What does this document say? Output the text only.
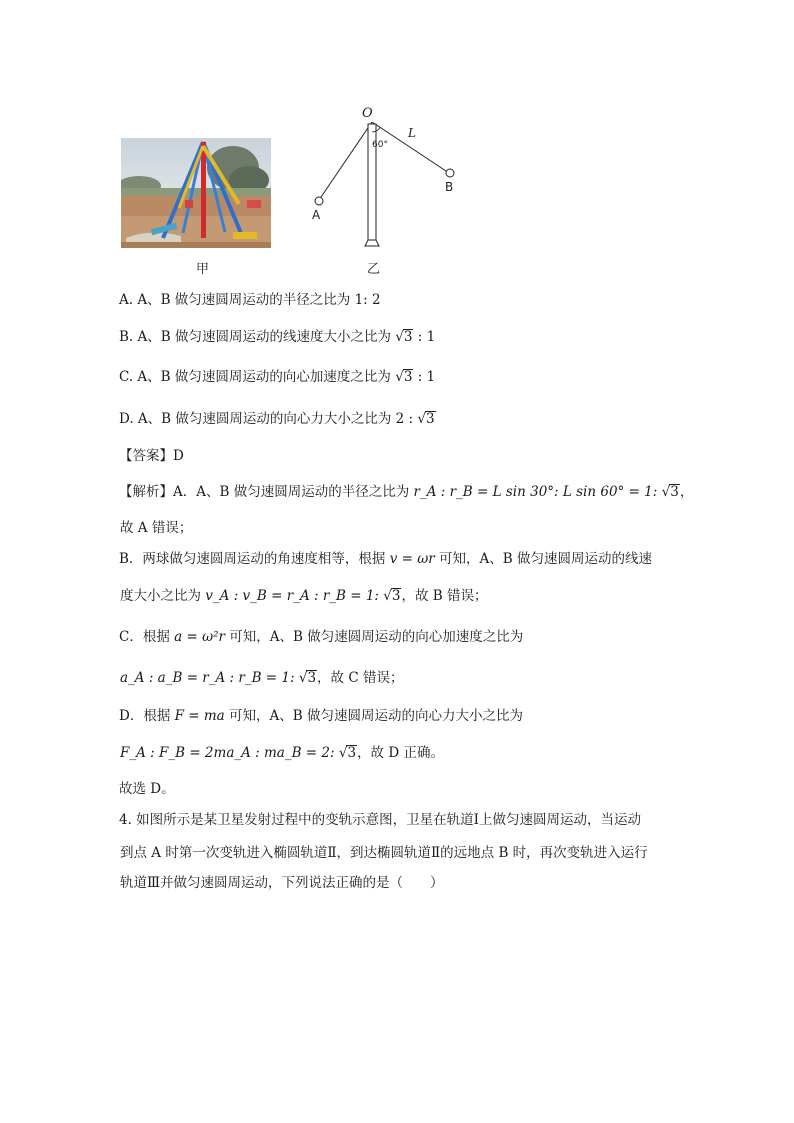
甲
O
L
60°
A
B
乙
A. A、B 做匀速圆周运动的半径之比为 1: 2
B. A、B 做匀速圆周运动的线速度大小之比为 √3 : 1
C. A、B 做匀速圆周运动的向心加速度之比为 √3 : 1
D. A、B 做匀速圆周运动的向心力大小之比为 2 : √3
【答案】D
【解析】A．A、B 做匀速圆周运动的半径之比为 r_A : r_B = L sin 30°: L sin 60° = 1: √3，
故 A 错误；
B．两球做匀速圆周运动的角速度相等，根据 v = ωr 可知，A、B 做匀速圆周运动的线速
度大小之比为 v_A : v_B = r_A : r_B = 1: √3，故 B 错误；
C．根据 a = ω²r 可知，A、B 做匀速圆周运动的向心加速度之比为
a_A : a_B = r_A : r_B = 1: √3，故 C 错误；
D．根据 F = ma 可知，A、B 做匀速圆周运动的向心力大小之比为
F_A : F_B = 2ma_A : ma_B = 2: √3，故 D 正确。
故选 D。
4. 如图所示是某卫星发射过程中的变轨示意图，卫星在轨道Ⅰ上做匀速圆周运动，当运动
到点 A 时第一次变轨进入椭圆轨道Ⅱ，到达椭圆轨道Ⅱ的远地点 B 时，再次变轨进入运行
轨道Ⅲ并做匀速圆周运动，下列说法正确的是（　　）
